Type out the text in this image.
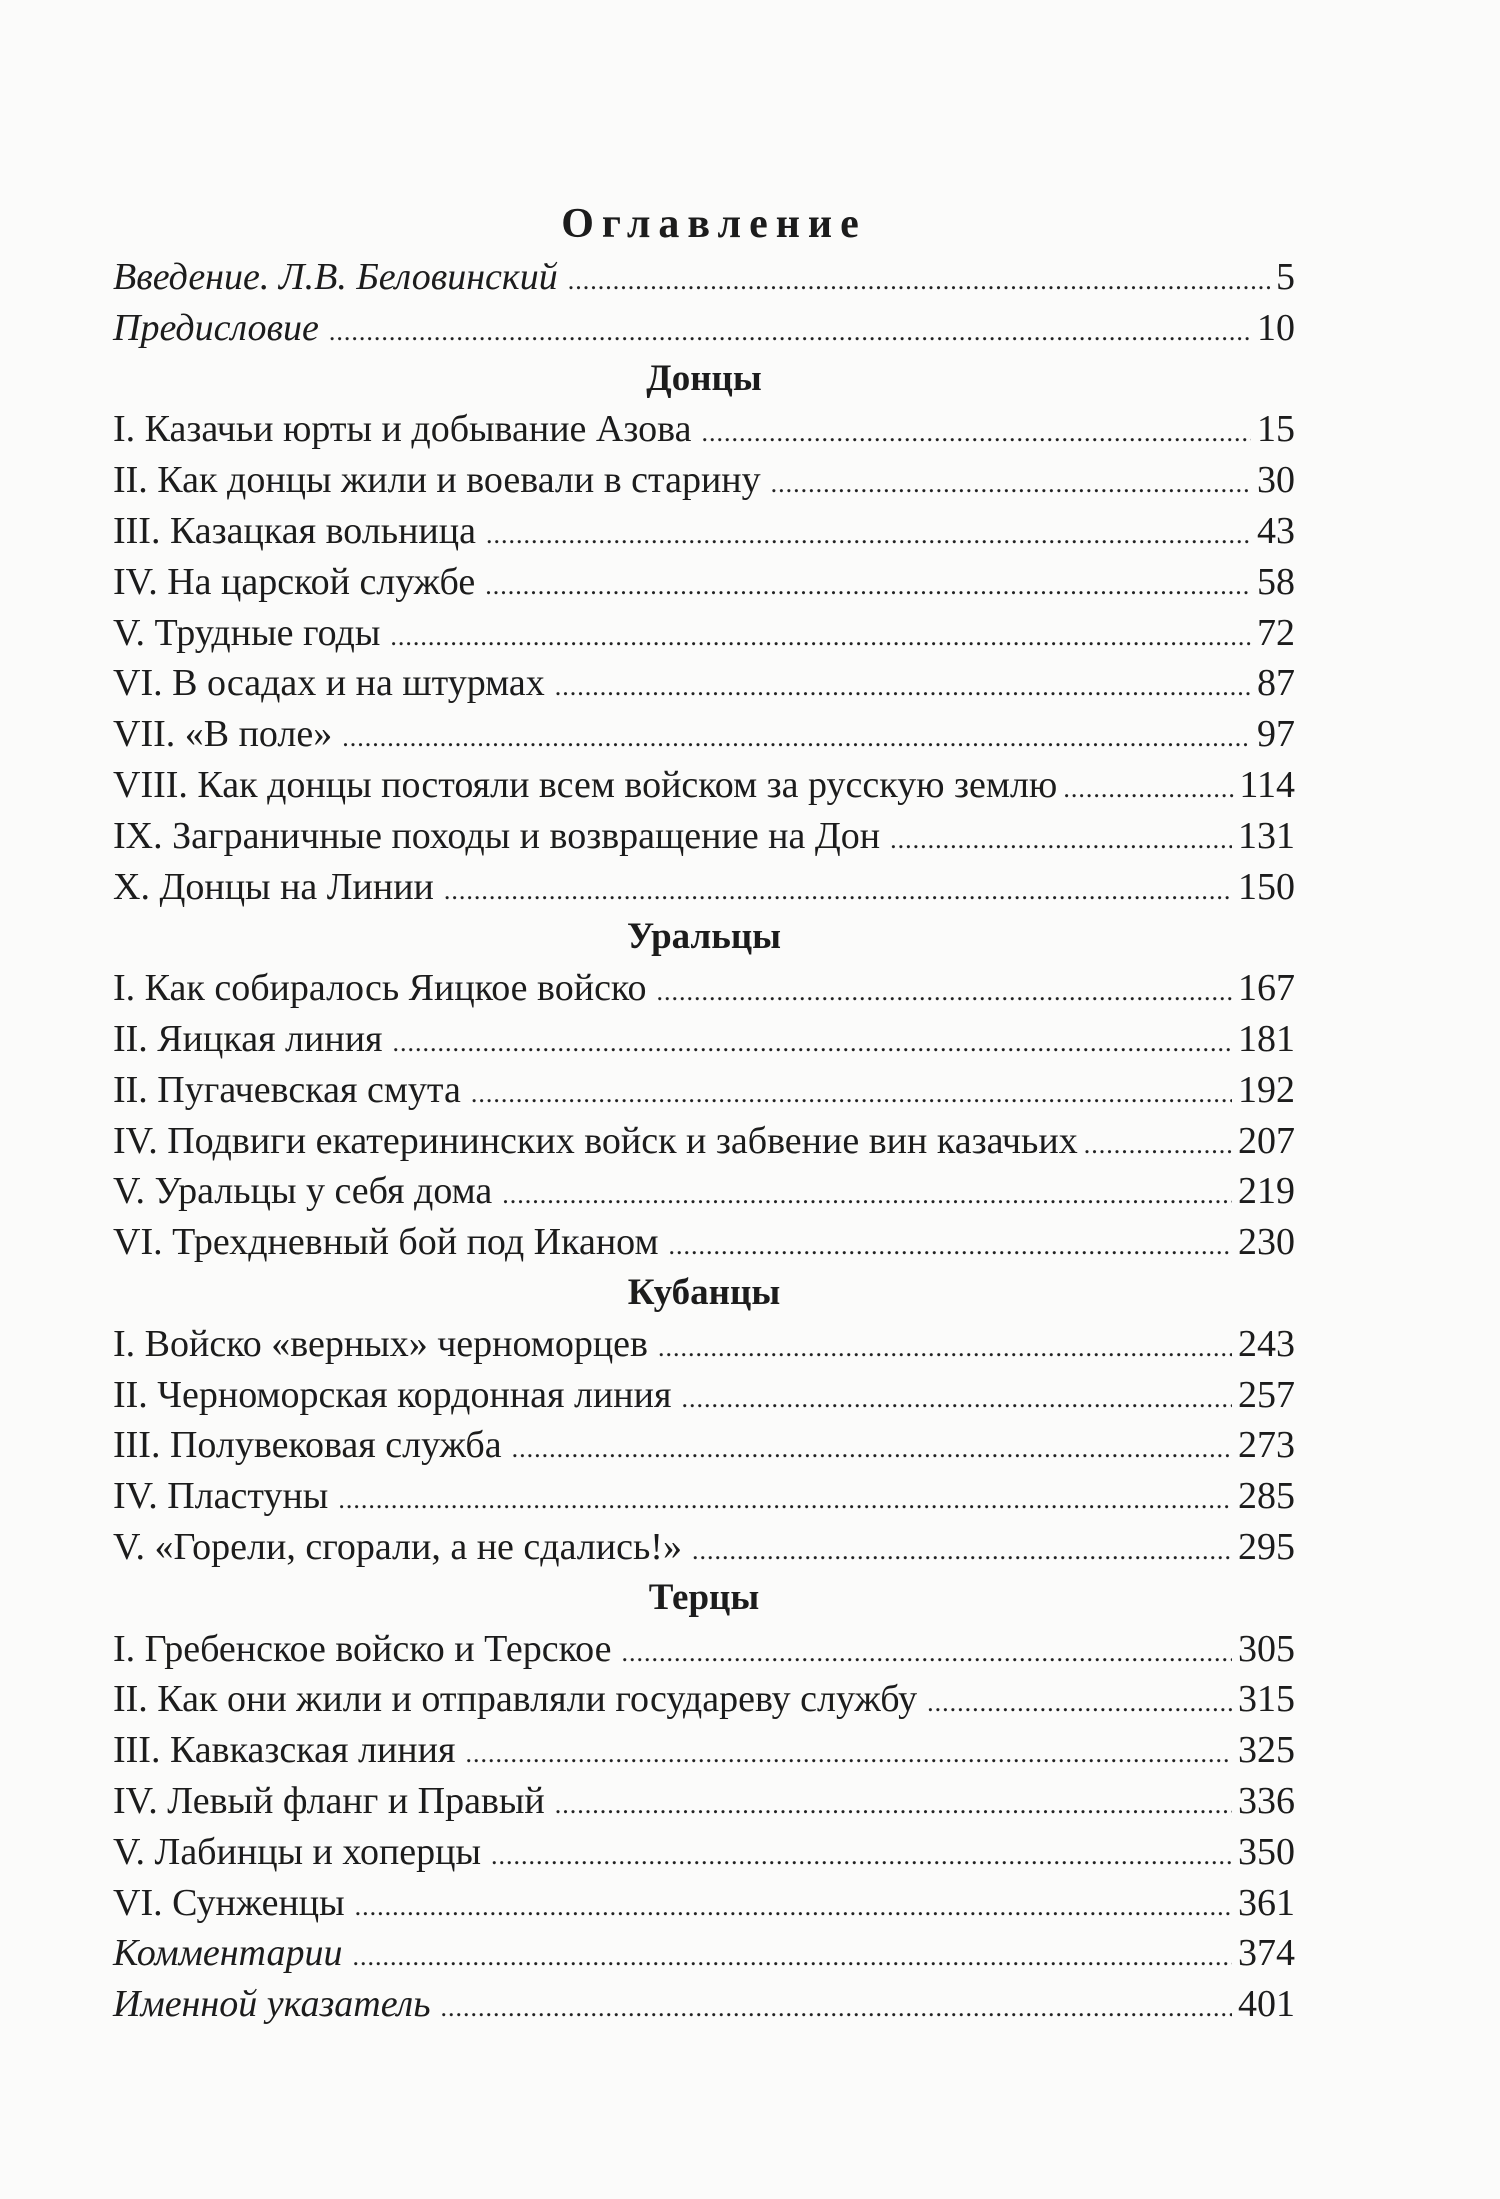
Оглавление
Введение. Л.В. Беловинский .....	5
Предисловие .....	10
Донцы
I. Казачьи юрты и добывание Азова .....	15
II. Как донцы жили и воевали в старину .....	30
III. Казацкая вольница .....	43
IV. На царской службе .....	58
V. Трудные годы .....	72
VI. В осадах и на штурмах .....	87
VII. «В поле» .....	97
VIII. Как донцы постояли всем войском за русскую землю .....	114
IX. Заграничные походы и возвращение на Дон .....	131
X. Донцы на Линии .....	150
Уральцы
I. Как собиралось Яицкое войско .....	167
II. Яицкая линия .....	181
II. Пугачевская смута .....	192
IV. Подвиги екатерининских войск и забвение вин казачьих .....	207
V. Уральцы у себя дома .....	219
VI. Трехдневный бой под Иканом .....	230
Кубанцы
I. Войско «верных» черноморцев .....	243
II. Черноморская кордонная линия .....	257
III. Полувековая служба .....	273
IV. Пластуны .....	285
V. «Горели, сгорали, а не сдались!» .....	295
Терцы
I. Гребенское войско и Терское .....	305
II. Как они жили и отправляли государеву службу .....	315
III. Кавказская линия .....	325
IV. Левый фланг и Правый .....	336
V. Лабинцы и хоперцы .....	350
VI. Сунженцы .....	361
Комментарии .....	374
Именной указатель .....	401
